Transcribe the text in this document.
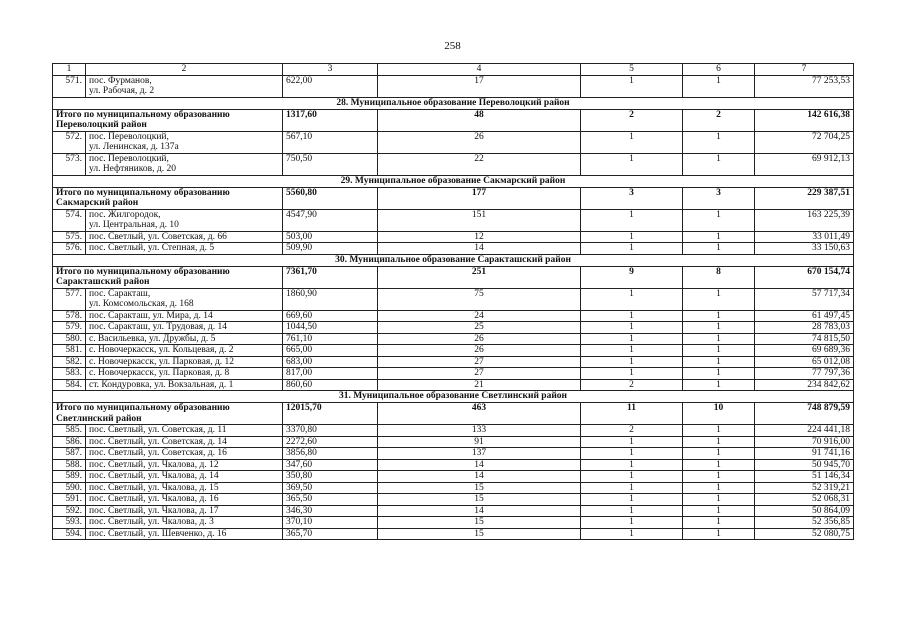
258
1	2	3	4	5	6	7
571.	пос. Фурманов,
ул. Рабочая, д. 2	622,00	17	1	1	77 253,53
28. Муниципальное образование Переволоцкий район						
Итого по муниципальному образованию
Переволоцкий район		1317,60	48	2	2	142 616,38
572.	пос. Переволоцкий,
ул. Ленинская, д. 137а	567,10	26	1	1	72 704,25
573.	пос. Переволоцкий,
ул. Нефтяников, д. 20	750,50	22	1	1	69 912,13
29. Муниципальное образование Сакмарский район						
Итого по муниципальному образованию
Сакмарский район		5560,80	177	3	3	229 387,51
574.	пос. Жилгородок,
ул. Центральная, д. 10	4547,90	151	1	1	163 225,39
575.	пос. Светлый, ул. Советская, д. 66	503,00	12	1	1	33 011,49
576.	пос. Светлый, ул. Степная, д. 5	509,90	14	1	1	33 150,63
30. Муниципальное образование Саракташский район						
Итого по муниципальному образованию
Саракташский район		7361,70	251	9	8	670 154,74
577.	пос. Саракташ,
ул. Комсомольская, д. 168	1860,90	75	1	1	57 717,34
578.	пос. Саракташ, ул. Мира, д. 14	669,60	24	1	1	61 497,45
579.	пос. Саракташ, ул. Трудовая, д. 14	1044,50	25	1	1	28 783,03
580.	с. Васильевка, ул. Дружбы, д. 5	761,10	26	1	1	74 815,50
581.	с. Новочеркасск, ул. Кольцевая, д. 2	665,00	26	1	1	69 689,36
582.	с. Новочеркасск, ул. Парковая, д. 12	683,00	27	1	1	65 012,08
583.	с. Новочеркасск, ул. Парковая, д. 8	817,00	27	1	1	77 797,36
584.	ст. Кондуровка, ул. Вокзальная, д. 1	860,60	21	2	1	234 842,62
31. Муниципальное образование Светлинский район						
Итого по муниципальному образованию
Светлинский район		12015,70	463	11	10	748 879,59
585.	пос. Светлый, ул. Советская, д. 11	3370,80	133	2	1	224 441,18
586.	пос. Светлый, ул. Советская, д. 14	2272,60	91	1	1	70 916,00
587.	пос. Светлый, ул. Советская, д. 16	3856,80	137	1	1	91 741,16
588.	пос. Светлый, ул. Чкалова, д. 12	347,60	14	1	1	50 945,70
589.	пос. Светлый, ул. Чкалова, д. 14	350,80	14	1	1	51 146,34
590.	пос. Светлый, ул. Чкалова, д. 15	369,50	15	1	1	52 319,21
591.	пос. Светлый, ул. Чкалова, д. 16	365,50	15	1	1	52 068,31
592.	пос. Светлый, ул. Чкалова, д. 17	346,30	14	1	1	50 864,09
593.	пос. Светлый, ул. Чкалова, д. 3	370,10	15	1	1	52 356,85
594.	пос. Светлый, ул. Шевченко, д. 16	365,70	15	1	1	52 080,75
